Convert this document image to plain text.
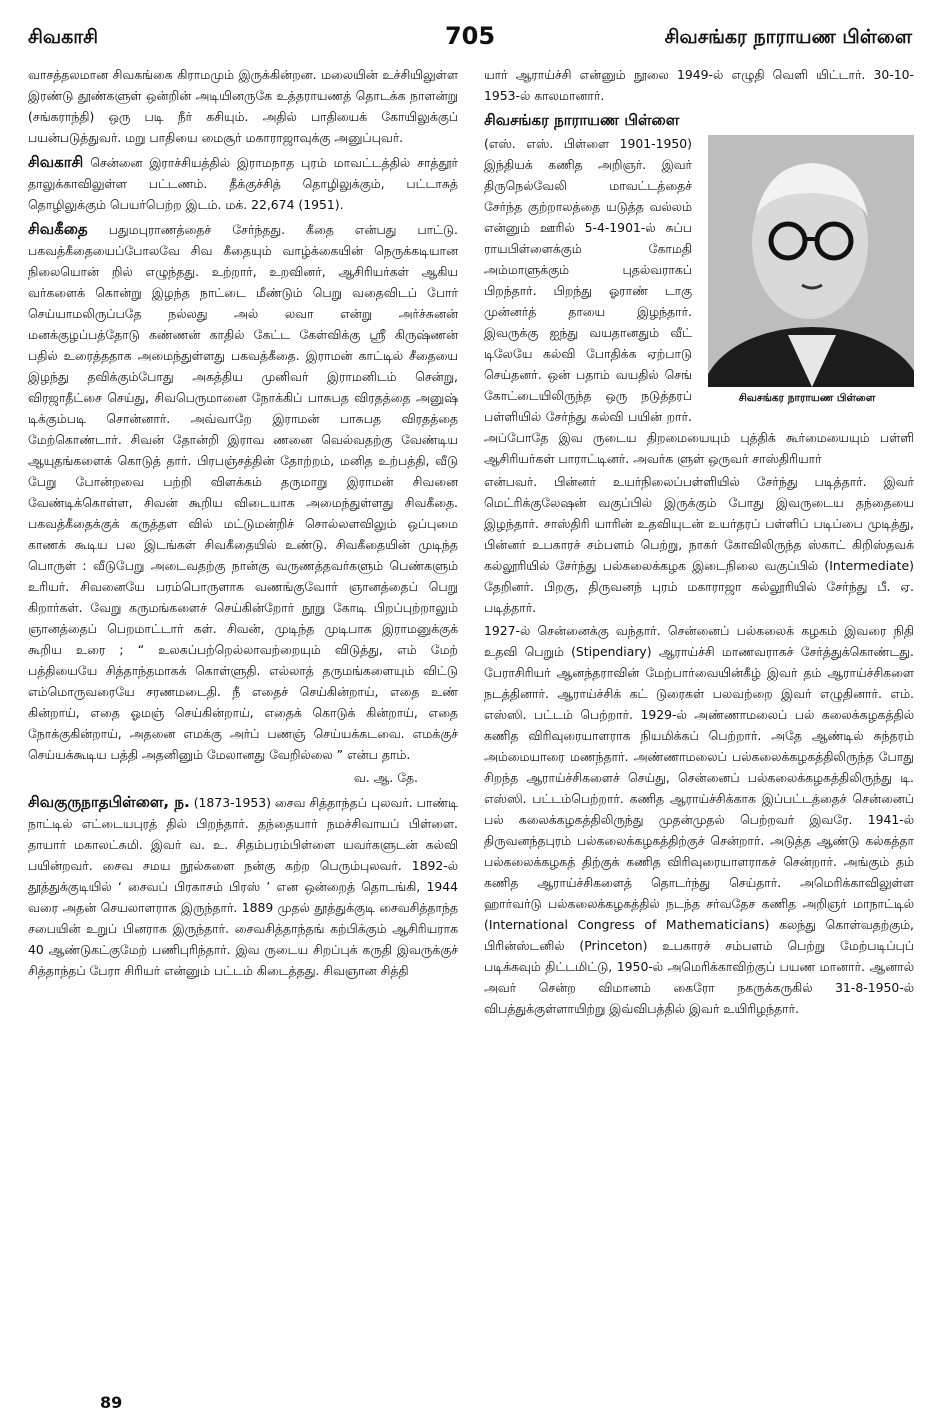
சிவகாசி	705	சிவசங்கர நாராயண பிள்ளை

வாசத்தலமான சிவகங்கை கிராமமும் இருக்கின்றன. மலையின் உச்சியிலுள்ள இரண்டு தூண்களுள் ஒன்றின் அடியினருகே உத்தராயணத் தொடக்க நாளன்று (சங்கராந்தி) ஒரு படி நீர் கசியும். அதில் பாதியைக் கோயிலுக்குப் பயன்படுத்துவர். மறு பாதியை மைசூர் மகாராஜாவுக்கு அனுப்புவர்.

சிவகாசி சென்னை இராச்சியத்தில் இராமநாத புரம் மாவட்டத்தில் சாத்தூர் தாலுக்காவிலுள்ள பட்டணம். தீக்குச்சித் தொழிலுக்கும், பட்டாசுத் தொழிலுக்கும் பெயர்பெற்ற இடம். மக். 22,674 (1951).

சிவகீதை பதுமபுராணத்தைச் சேர்ந்தது. கீதை என்பது பாட்டு. பகவத்கீதையைப்போலவே சிவ கீதையும் வாழ்க்கையின் நெருக்கடியான நிலையொன் றில் எழுந்தது. உற்றார், உறவினர், ஆசிரியர்கள் ஆகிய வர்களைக் கொன்று இழந்த நாட்டை மீண்டும் பெறு வதைவிடப் போர் செய்யாமலிருப்பதே நல்லது அல் லவா என்று அர்ச்சுனன் மனக்குழப்பத்தோடு கண்ணன் காதில் கேட்ட கேள்விக்கு ஸ்ரீ கிருஷ்ணன் பதில் உரைத்ததாக அமைந்துள்ளது பகவத்கீதை. இராமன் காட்டில் சீதையை இழந்து தவிக்கும்போது அகத்திய முனிவர் இராமனிடம் சென்று, விரஜாதீட்சை செய்து, சிவபெருமானை நோக்கிப் பாசுபத விரதத்தை அனுஷ் டிக்கும்படி சொன்னார். அவ்வாறே இராமன் பாசுபத விரதத்தை மேற்கொண்டார். சிவன் தோன்றி இராவ ணனை வெல்வதற்கு வேண்டிய ஆயுதங்களைக் கொடுத் தார். பிரபஞ்சத்தின் தோற்றம், மனித உற்பத்தி, வீடு பேறு போன்றவை பற்றி விளக்கம் தருமாறு இராமன் சிவனை வேண்டிக்கொள்ள, சிவன் கூறிய விடையாக அமைந்துள்ளது சிவகீதை. பகவத்கீதைக்குக் கருத்தள வில் மட்டுமன்றிச் சொல்லளவிலும் ஒப்புமை காணக் கூடிய பல இடங்கள் சிவகீதையில் உண்டு. சிவகீதையின் முடிந்த பொருள் : வீடுபேறு அடைவதற்கு நான்கு வருணத்தவர்களும் பெண்களும் உரியர். சிவனையே பரம்பொருளாக வணங்குவோர் ஞானத்தைப் பெறு கிறார்கள். வேறு கருமங்களைச் செய்கின்றோர் நூறு கோடி பிறப்புற்றாலும் ஞானத்தைப் பெறமாட்டார் கள். சிவன், முடிந்த முடிபாக இராமனுக்குக் கூறிய உரை ; “ உலகப்பற்றெல்லாவற்றையும் விடுத்து, எம் மேற் பத்தியையே சித்தாந்தமாகக் கொள்ளுதி. எல்லாத் தருமங்களையும் விட்டு எம்மொருவரையே சரணமடைதி. நீ எதைச் செய்கின்றாய், எதை உண் கின்றாய், எதை ஓமஞ் செய்கின்றாய், எதைக் கொடுக் கின்றாய், எதை நோக்குகின்றாய், அதனை எமக்கு அர்ப் பணஞ் செய்யக்கடவை. எமக்குச் செய்யக்கூடிய பத்தி அதனினும் மேலானது வேறில்லை ” என்ப தாம்.

வ. ஆ. தே.

சிவகுருநாதபிள்ளை, ந. (1873-1953) சைவ சித்தாந்தப் புலவர். பாண்டி நாட்டில் எட்டையபுரத் தில் பிறந்தார். தந்தையார் நமச்சிவாயப் பிள்ளை. தாயார் மகாலட்சுமி. இவர் வ. உ. சிதம்பரம்பிள்ளை யவர்களுடன் கல்வி பயின்றவர். சைவ சமய நூல்களை நன்கு கற்ற பெரும்புலவர். 1892-ல் தூத்துக்குடியில் ‘ சைவப் பிரகாசம் பிரஸ் ’ என ஒன்றைத் தொடங்கி, 1944 வரை அதன் செயலாளராக இருந்தார். 1889 முதல் தூத்துக்குடி சைவசித்தாந்த சபையின் உறுப் பினராக இருந்தார். சைவசித்தாந்தங் கற்பிக்கும் ஆசிரியராக 40 ஆண்டுகட்குமேற் பணிபுரிந்தார். இவ ருடைய சிறப்புக் கருதி இவருக்குச் சித்தாந்தப் பேரா சிரியர் என்னும் பட்டம் கிடைத்தது. சிவஞான சித்தி

யார் ஆராய்ச்சி என்னும் நூலை 1949-ல் எழுதி வெளி யிட்டார். 30-10-1953-ல் காலமானார்.

சிவசங்கர நாராயண பிள்ளை

சிவசங்கர நாராயண பிள்ளை

(எஸ். எஸ். பிள்ளை 1901-1950) இந்தியக் கணித அறிஞர். இவர் திருநெல்வேலி மாவட்டத்தைச் சேர்ந்த குற்றாலத்தை யடுத்த வல்லம் என்னும் ஊரில் 5-4-1901-ல் சுப்ப ராயபிள்ளைக்கும் கோமதி அம்மாளுக்கும் புதல்வராகப் பிறந்தார். பிறந்து ஓராண் டாகு முன்னர்த் தாயை இழந்தார். இவருக்கு ஐந்து வயதானதும் வீட் டிலேயே கல்வி போதிக்க ஏற்பாடு செய்தனர். ஒன் பதாம் வயதில் செங் கோட்டையிலிருந்த ஒரு நடுத்தரப் பள்ளியில் சேர்ந்து கல்வி பயின் றார். அப்போதே இவ ருடைய திறமையையும் புத்திக் கூர்மையையும் பள்ளி ஆசிரியர்கள் பாராட்டினர். அவர்க ளுள் ஒருவர் சாஸ்திரியார்

என்பவர். பின்னர் உயர்நிலைப்பள்ளியில் சேர்ந்து படித்தார். இவர் மெட்ரிக்குலேஷன் வகுப்பில் இருக்கும் போது இவருடைய தந்தையை இழந்தார். சாஸ்திரி யாரின் உதவியுடன் உயர்தரப் பள்ளிப் படிப்பை முடித்து, பின்னர் உபகாரச் சம்பளம் பெற்று, நாகர் கோவிலிருந்த ஸ்காட் கிறிஸ்தவக் கல்லூரியில் சேர்ந்து பல்கலைக்கழக இடைநிலை வகுப்பில் (Intermediate) தேறினர். பிறகு, திருவனந் புரம் மகாராஜா கல்லூரியில் சேர்ந்து பீ. ஏ. படித்தார்.

1927-ல் சென்னைக்கு வந்தார். சென்னைப் பல்கலைக் கழகம் இவரை நிதி உதவி பெறும் (Stipendiary) ஆராய்ச்சி மாணவராகச் சேர்த்துக்கொண்டது. பேராசிரியர் ஆனந்தராவின் மேற்பார்வையின்கீழ் இவர் தம் ஆராய்ச்சிகளை நடத்தினார். ஆராய்ச்சிக் கட் டுரைகள் பலவற்றை இவர் எழுதினார். எம். எஸ்ஸி. பட்டம் பெற்றார். 1929-ல் அண்ணாமலைப் பல் கலைக்கழகத்தில் கணித விரிவுரையாளராக நியமிக்கப் பெற்றார். அதே ஆண்டில் சுந்தரம் அம்மையாரை மணந்தார். அண்ணாமலைப் பல்கலைக்கழகத்திலிருந்த போது சிறந்த ஆராய்ச்சிகளைச் செய்து, சென்னைப் பல்கலைக்கழகத்திலிருந்து டி. எஸ்ஸி. பட்டம்பெற்றார். கணித ஆராய்ச்சிக்காக இப்பட்டத்தைச் சென்னைப் பல் கலைக்கழகத்திலிருந்து முதன்முதல் பெற்றவர் இவரே. 1941-ல் திருவனந்தபுரம் பல்கலைக்கழகத்திற்குச் சென்றார். அடுத்த ஆண்டு கல்கத்தா பல்கலைக்கழகத் திற்குக் கணித விரிவுரையாளராகச் சென்றார். அங்கும் தம் கணித ஆராய்ச்சிகளைத் தொடர்ந்து செய்தார். அமெரிக்காவிலுள்ள ஹார்வர்டு பல்கலைக்கழகத்தில் நடந்த சர்வதேச கணித அறிஞர் மாநாட்டில் (International Congress of Mathematicians) கலந்து கொள்வதற்கும், பிரின்ஸ்டனில் (Princeton) உபகாரச் சம்பளம் பெற்று மேற்படிப்புப் படிக்கவும் திட்டமிட்டு, 1950-ல் அமெரிக்காவிற்குப் பயண மானார். ஆனால் அவர் சென்ற விமானம் கைரோ நகருக்கருகில் 31-8-1950-ல் விபத்துக்குள்ளாயிற்று இவ்விபத்தில் இவர் உயிரிழந்தார்.

89
